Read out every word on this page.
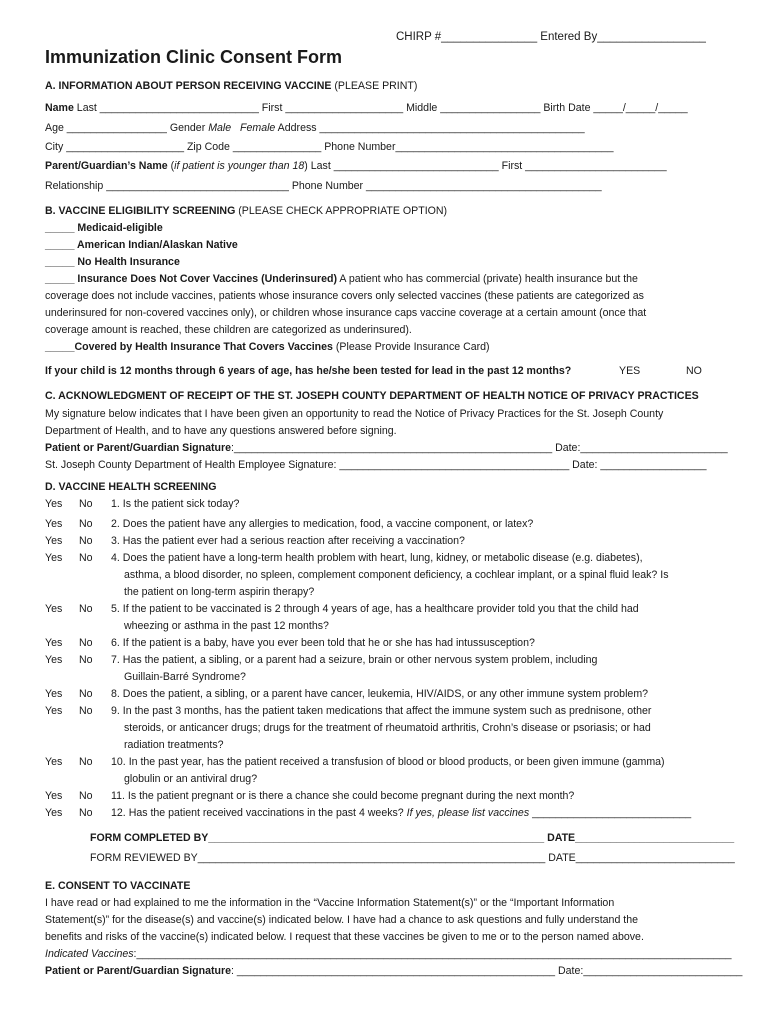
CHIRP #_______________ Entered By_________________
Immunization Clinic Consent Form
A. INFORMATION ABOUT PERSON RECEIVING VACCINE (PLEASE PRINT)
Name Last ___________________________ First ____________________ Middle _________________ Birth Date _____/_____/_____
Age _________________ Gender Male Female Address _____________________________________________
City ____________________ Zip Code _______________ Phone Number_____________________________________
Parent/Guardian’s Name (if patient is younger than 18) Last ____________________________ First ________________________
Relationship _______________________________ Phone Number ________________________________________
B. VACCINE ELIGIBILITY SCREENING (PLEASE CHECK APPROPRIATE OPTION)
_____ Medicaid-eligible
_____ American Indian/Alaskan Native
_____ No Health Insurance
_____ Insurance Does Not Cover Vaccines (Underinsured) A patient who has commercial (private) health insurance but the
coverage does not include vaccines, patients whose insurance covers only selected vaccines (these patients are categorized as
underinsured for non-covered vaccines only), or children whose insurance caps vaccine coverage at a certain amount (once that
coverage amount is reached, these children are categorized as underinsured).
_____Covered by Health Insurance That Covers Vaccines (Please Provide Insurance Card)
If your child is 12 months through 6 years of age, has he/she been tested for lead in the past 12 months?	YES	NO
C. ACKNOWLEDGMENT OF RECEIPT OF THE ST. JOSEPH COUNTY DEPARTMENT OF HEALTH NOTICE OF PRIVACY PRACTICES
My signature below indicates that I have been given an opportunity to read the Notice of Privacy Practices for the St. Joseph County
Department of Health, and to have any questions answered before signing.
Patient or Parent/Guardian Signature:______________________________________________________ Date:_________________________
St. Joseph County Department of Health Employee Signature: _______________________________________ Date: __________________
D. VACCINE HEALTH SCREENING
Yes No 1. Is the patient sick today?
Yes No 2. Does the patient have any allergies to medication, food, a vaccine component, or latex?
Yes No 3. Has the patient ever had a serious reaction after receiving a vaccination?
Yes No 4. Does the patient have a long-term health problem with heart, lung, kidney, or metabolic disease (e.g. diabetes),
asthma, a blood disorder, no spleen, complement component deficiency, a cochlear implant, or a spinal fluid leak? Is
the patient on long-term aspirin therapy?
Yes No 5. If the patient to be vaccinated is 2 through 4 years of age, has a healthcare provider told you that the child had
wheezing or asthma in the past 12 months?
Yes No 6. If the patient is a baby, have you ever been told that he or she has had intussusception?
Yes No 7. Has the patient, a sibling, or a parent had a seizure, brain or other nervous system problem, including
Guillain-Barré Syndrome?
Yes No 8. Does the patient, a sibling, or a parent have cancer, leukemia, HIV/AIDS, or any other immune system problem?
Yes No 9. In the past 3 months, has the patient taken medications that affect the immune system such as prednisone, other
steroids, or anticancer drugs; drugs for the treatment of rheumatoid arthritis, Crohn’s disease or psoriasis; or had
radiation treatments?
Yes No 10. In the past year, has the patient received a transfusion of blood or blood products, or been given immune (gamma)
globulin or an antiviral drug?
Yes No 11. Is the patient pregnant or is there a chance she could become pregnant during the next month?
Yes No 12. Has the patient received vaccinations in the past 4 weeks? If yes, please list vaccines ___________________________
FORM COMPLETED BY_________________________________________________________ DATE___________________________
FORM REVIEWED BY___________________________________________________________ DATE___________________________
E. CONSENT TO VACCINATE
I have read or had explained to me the information in the “Vaccine Information Statement(s)” or the “Important Information
Statement(s)” for the disease(s) and vaccine(s) indicated below. I have had a chance to ask questions and fully understand the
benefits and risks of the vaccine(s) indicated below. I request that these vaccines be given to me or to the person named above.
Indicated Vaccines:_____________________________________________________________________________________________________
Patient or Parent/Guardian Signature: ______________________________________________________ Date:___________________________
